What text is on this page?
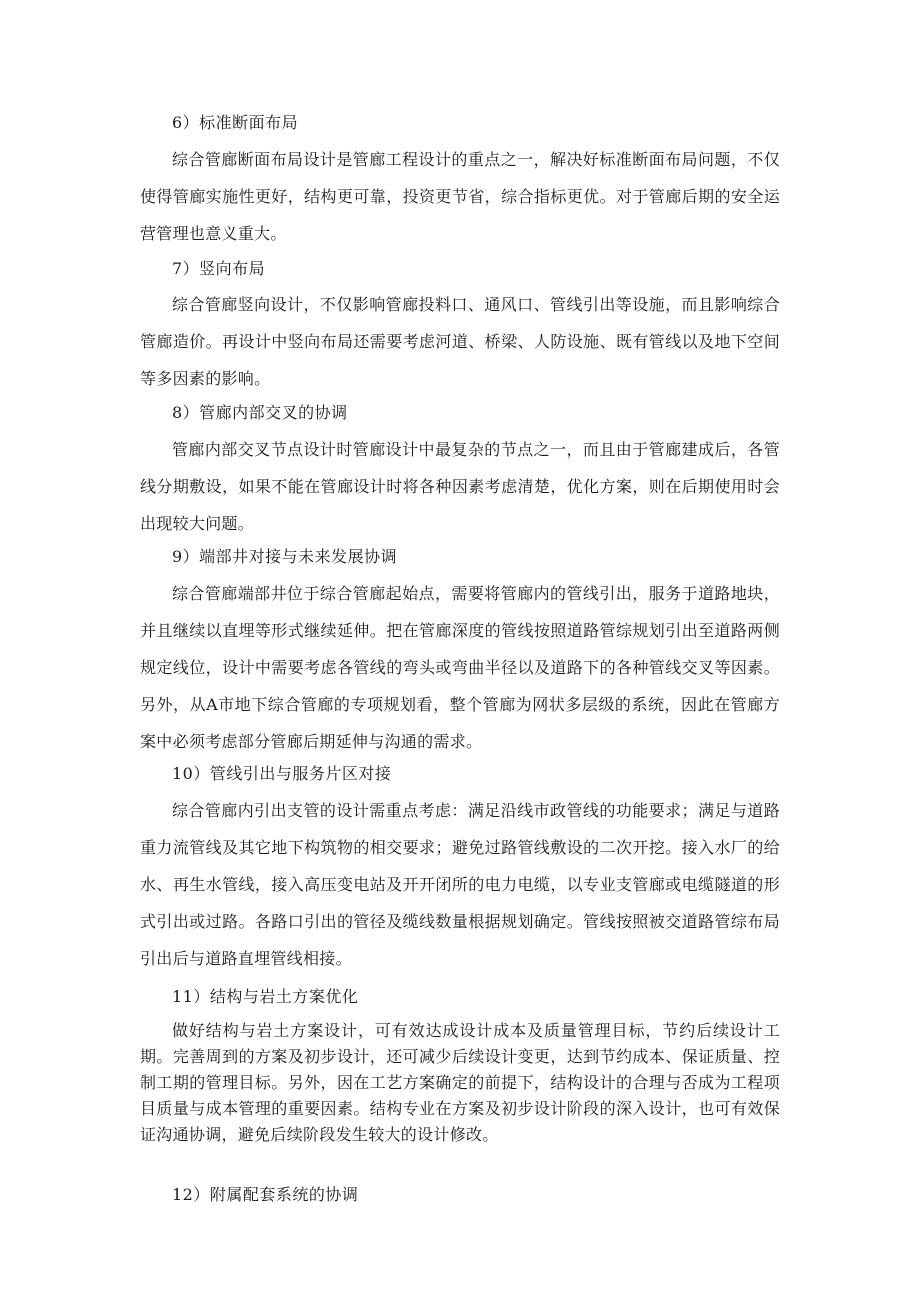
6）标准断面布局
综合管廊断面布局设计是管廊工程设计的重点之一，解决好标准断面布局问题，不仅使得管廊实施性更好，结构更可靠，投资更节省，综合指标更优。对于管廊后期的安全运营管理也意义重大。
7）竖向布局
综合管廊竖向设计，不仅影响管廊投料口、通风口、管线引出等设施，而且影响综合管廊造价。再设计中竖向布局还需要考虑河道、桥梁、人防设施、既有管线以及地下空间等多因素的影响。
8）管廊内部交叉的协调
管廊内部交叉节点设计时管廊设计中最复杂的节点之一，而且由于管廊建成后，各管线分期敷设，如果不能在管廊设计时将各种因素考虑清楚，优化方案，则在后期使用时会出现较大问题。
9）端部井对接与未来发展协调
综合管廊端部井位于综合管廊起始点，需要将管廊内的管线引出，服务于道路地块，并且继续以直埋等形式继续延伸。把在管廊深度的管线按照道路管综规划引出至道路两侧规定线位，设计中需要考虑各管线的弯头或弯曲半径以及道路下的各种管线交叉等因素。另外，从A市地下综合管廊的专项规划看，整个管廊为网状多层级的系统，因此在管廊方案中必须考虑部分管廊后期延伸与沟通的需求。
10）管线引出与服务片区对接
综合管廊内引出支管的设计需重点考虑：满足沿线市政管线的功能要求；满足与道路重力流管线及其它地下构筑物的相交要求；避免过路管线敷设的二次开挖。接入水厂的给水、再生水管线，接入高压变电站及开开闭所的电力电缆，以专业支管廊或电缆隧道的形式引出或过路。各路口引出的管径及缆线数量根据规划确定。管线按照被交道路管综布局引出后与道路直埋管线相接。
11）结构与岩土方案优化
做好结构与岩土方案设计，可有效达成设计成本及质量管理目标，节约后续设计工期。完善周到的方案及初步设计，还可减少后续设计变更，达到节约成本、保证质量、控制工期的管理目标。另外，因在工艺方案确定的前提下，结构设计的合理与否成为工程项目质量与成本管理的重要因素。结构专业在方案及初步设计阶段的深入设计，也可有效保证沟通协调，避免后续阶段发生较大的设计修改。
12）附属配套系统的协调
